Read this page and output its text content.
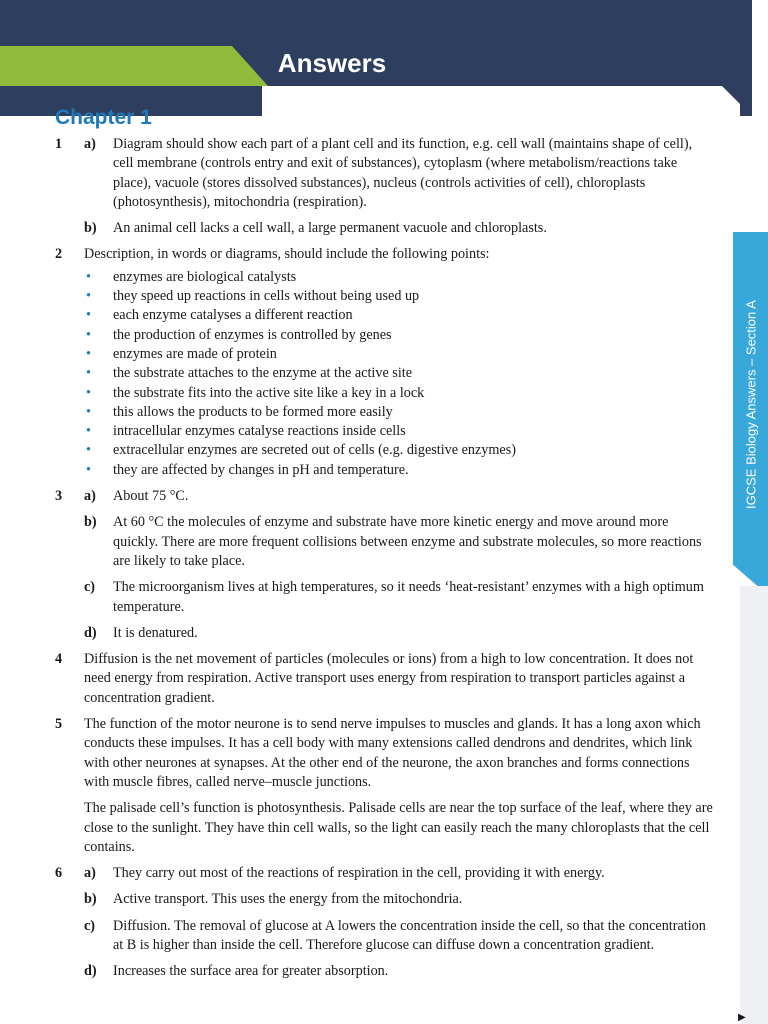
Answers
IGCSE Biology Answers – Section A
▶
Chapter 1
1 a) Diagram should show each part of a plant cell and its function, e.g. cell wall (maintains shape of cell), cell membrane (controls entry and exit of substances), cytoplasm (where metabolism/reactions take place), vacuole (stores dissolved substances), nucleus (controls activities of cell), chloroplasts (photosynthesis), mitochondria (respiration).
b) An animal cell lacks a cell wall, a large permanent vacuole and chloroplasts.
2 Description, in words or diagrams, should include the following points:
• enzymes are biological catalysts
• they speed up reactions in cells without being used up
• each enzyme catalyses a different reaction
• the production of enzymes is controlled by genes
• enzymes are made of protein
• the substrate attaches to the enzyme at the active site
• the substrate fits into the active site like a key in a lock
• this allows the products to be formed more easily
• intracellular enzymes catalyse reactions inside cells
• extracellular enzymes are secreted out of cells (e.g. digestive enzymes)
• they are affected by changes in pH and temperature.
3 a) About 75 °C.
b) At 60 °C the molecules of enzyme and substrate have more kinetic energy and move around more quickly. There are more frequent collisions between enzyme and substrate molecules, so more reactions are likely to take place.
c) The microorganism lives at high temperatures, so it needs ‘heat-resistant’ enzymes with a high optimum temperature.
d) It is denatured.
4 Diffusion is the net movement of particles (molecules or ions) from a high to low concentration. It does not need energy from respiration. Active transport uses energy from respiration to transport particles against a concentration gradient.
5 The function of the motor neurone is to send nerve impulses to muscles and glands. It has a long axon which conducts these impulses. It has a cell body with many extensions called dendrons and dendrites, which link with other neurones at synapses. At the other end of the neurone, the axon branches and forms connections with muscle fibres, called nerve–muscle junctions.
The palisade cell’s function is photosynthesis. Palisade cells are near the top surface of the leaf, where they are close to the sunlight. They have thin cell walls, so the light can easily reach the many chloroplasts that the cell contains.
6 a) They carry out most of the reactions of respiration in the cell, providing it with energy.
b) Active transport. This uses the energy from the mitochondria.
c) Diffusion. The removal of glucose at A lowers the concentration inside the cell, so that the concentration at B is higher than inside the cell. Therefore glucose can diffuse down a concentration gradient.
d) Increases the surface area for greater absorption.
